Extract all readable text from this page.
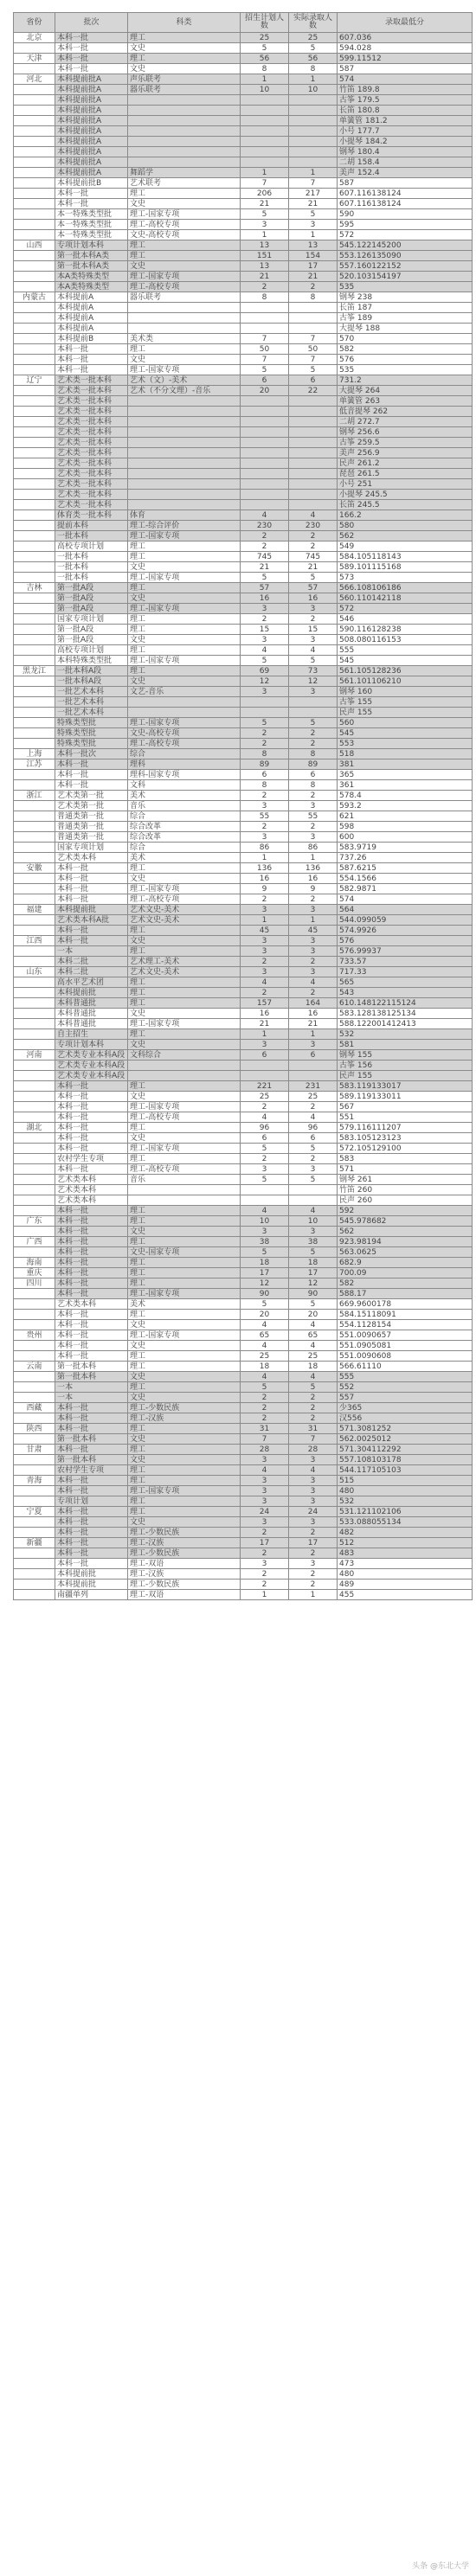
省份	批次	科类	招生计划人数	实际录取人数	录取最低分
北京	本科一批	理工	25	25	607.036
	本科一批	文史	5	5	594.028
天津	本科一批	理工	56	56	599.11512
	本科一批	文史	8	8	587
河北	本科提前批A	声乐联考	1	1	574
	本科提前批A	器乐联考	10	10	竹笛 189.8
	本科提前批A				古筝 179.5
	本科提前批A				长笛 180.8
	本科提前批A				单簧管 181.2
	本科提前批A				小号 177.7
	本科提前批A				小提琴 184.2
	本科提前批A				钢琴 180.4
	本科提前批A				二胡 158.4
	本科提前批A	舞蹈学	1	1	美声 152.4
	本科提前批B	艺术联考	7	7	587
	本科一批	理工	206	217	607.116138124
	本科一批	文史	21	21	607.116138124
	本一特殊类型批	理工-国家专项	5	5	590
	本一特殊类型批	理工-高校专项	3	3	595
	本一特殊类型批	文史-高校专项	1	1	572
山西	专项计划本科	理工	13	13	545.122145200
	第一批本科A类	理工	151	154	553.126135090
	第一批本科A类	文史	13	17	557.160122152
	本A类特殊类型	理工-国家专项	21	21	520.103154197
	本A类特殊类型	理工-高校专项	2	2	535
内蒙古	本科提前A	器乐联考	8	8	钢琴 238
	本科提前A				长笛 187
	本科提前A				古筝 189
	本科提前A				大提琴 188
	本科提前B	美术类	7	7	570
	本科一批	理工	50	50	582
	本科一批	文史	7	7	576
	本科一批	理工-国家专项	5	5	535
辽宁	艺术类一批本科	艺术（文）-美术	6	6	731.2
	艺术类一批本科	艺术（不分文理）-音乐	20	22	大提琴 264
	艺术类一批本科				单簧管 263
	艺术类一批本科				低音提琴 262
	艺术类一批本科				二胡 272.7
	艺术类一批本科				钢琴 256.6
	艺术类一批本科				古筝 259.5
	艺术类一批本科				美声 256.9
	艺术类一批本科				民声 261.2
	艺术类一批本科				琵琶 261.5
	艺术类一批本科				小号 251
	艺术类一批本科				小提琴 245.5
	艺术类一批本科				长笛 245.5
	体育类一批本科	体育	4	4	166.2
	提前本科	理工-综合评价	230	230	580
	一批本科	理工-国家专项	2	2	562
	高校专项计划	理工	2	2	549
	一批本科	理工	745	745	584.105118143
	一批本科	文史	21	21	589.101115168
	一批本科	理工-国家专项	5	5	573
吉林	第一批A段	理工	57	57	566.108106186
	第一批A段	文史	16	16	560.110142118
	第一批A段	理工-国家专项	3	3	572
	国家专项计划	理工	2	2	546
	第一批A段	理工	15	15	590.116128238
	第一批A段	文史	3	3	508.080116153
	高校专项计划	理工	4	4	555
	本科特殊类型批	理工-国家专项	5	5	545
黑龙江	一批本科A段	理工	69	73	561.105128236
	一批本科A段	文史	12	12	561.101106210
	一批艺术本科	文艺-音乐	3	3	钢琴 160
	一批艺术本科				古筝 155
	一批艺术本科				民声 155
	特殊类型批	理工-国家专项	5	5	560
	特殊类型批	文史-高校专项	2	2	545
	特殊类型批	理工-高校专项	2	2	553
上海	本科一批次	综合	8	8	518
江苏	本科一批	理科	89	89	381
	本科一批	理科-国家专项	6	6	365
	本科一批	文科	8	8	361
浙江	艺术类第一批	美术	2	2	578.4
	艺术类第一批	音乐	3	3	593.2
	普通类第一批	综合	55	55	621
	普通类第一批	综合改革	2	2	598
	普通类第一批	综合改革	3	3	600
	国家专项计划	综合	86	86	583.9719
	艺术类本科	美术	1	1	737.26
安徽	本科一批	理工	136	136	587.6215
	本科一批	文史	16	16	554.1566
	本科一批	理工-国家专项	9	9	582.9871
	本科一批	理工-高校专项	2	2	574
福建	本科提前批	艺术文史-美术	3	3	564
	艺术类本科A批	艺术文史-美术	1	1	544.099059
	本科一批	理工	45	45	574.9926
江西	本科一批	文史	3	3	576
	一本	理工	3	3	576.99937
	本科二批	艺术理工-美术	2	2	733.57
山东	本科二批	艺术文史-美术	3	3	717.33
	高水平艺术团	理工	4	4	565
	本科提前批	理工	2	2	543
	本科普通批	理工	157	164	610.148122115124
	本科普通批	文史	16	16	583.128138125134
	本科普通批	理工-国家专项	21	21	588.122001412413
	自主招生	理工	1	1	532
	专项计划本科	文史	3	3	581
河南	艺术类专业本科A段	文科综合	6	6	钢琴 155
	艺术类专业本科A段				古筝 156
	艺术类专业本科A段				民声 155
	本科一批	理工	221	231	583.119133017
	本科一批	文史	25	25	589.119133011
	本科一批	理工-国家专项	2	2	567
	本科一批	理工-高校专项	4	4	551
湖北	本科一批	理工	96	96	579.116111207
	本科一批	文史	6	6	583.105123123
	本科一批	理工-国家专项	5	5	572.105129100
	农村学生专项	理工	2	2	583
	本科一批	理工-高校专项	3	3	571
	艺术类本科	音乐	5	5	钢琴 261
	艺术类本科				竹笛 260
	艺术类本科				民声 260
	本科一批	理工	4	4	592
广东	本科一批	理工	10	10	545.978682
	本科一批	文史	3	3	562
广西	本科一批	理工	38	38	923.98194
	本科一批	文史-国家专项	5	5	563.0625
海南	本科一批	理工	18	18	682.9
重庆	本科一批	理工	17	17	700.09
四川	本科一批	理工	12	12	582
	本科一批	理工-国家专项	90	90	588.17
	艺术类本科	美术	5	5	669.9600178
	本科一批	理工	20	20	584.15118091
	本科一批	文史	4	4	554.1128154
贵州	本科一批	理工-国家专项	65	65	551.0090657
	本科一批	文史	4	4	551.0905081
	本科一批	理工	25	25	551.0090608
云南	第一批本科	理工	18	18	566.61110
	第一批本科	文史	4	4	555
	一本	理工	5	5	552
	一本	文史	2	2	557
西藏	本科一批	理工-少数民族	2	2	少365
	本科一批	理工-汉族	2	2	汉556
陕西	本科一批	理工	31	31	571.3081252
	第一批本科	文史	7	7	562.0025012
甘肃	本科一批	理工	28	28	571.304112292
	第一批本科	文史	3	3	557.108103178
	农村学生专项	理工	4	4	544.117105103
青海	本科一批	理工	3	3	515
	本科一批	理工-国家专项	3	3	480
	专项计划	理工	3	3	532
宁夏	本科一批	理工	24	24	531.121102106
	本科一批	文史	3	3	533.088055134
	本科一批	理工-少数民族	2	2	482
新疆	本科一批	理工-汉族	17	17	512
	本科一批	理工-少数民族	2	2	483
	本科一批	理工-双语	3	3	473
	本科提前批	理工-汉族	2	2	480
	本科提前批	理工-少数民族	2	2	489
	南疆单列	理工-双语	1	1	455
头条 @东北大学
